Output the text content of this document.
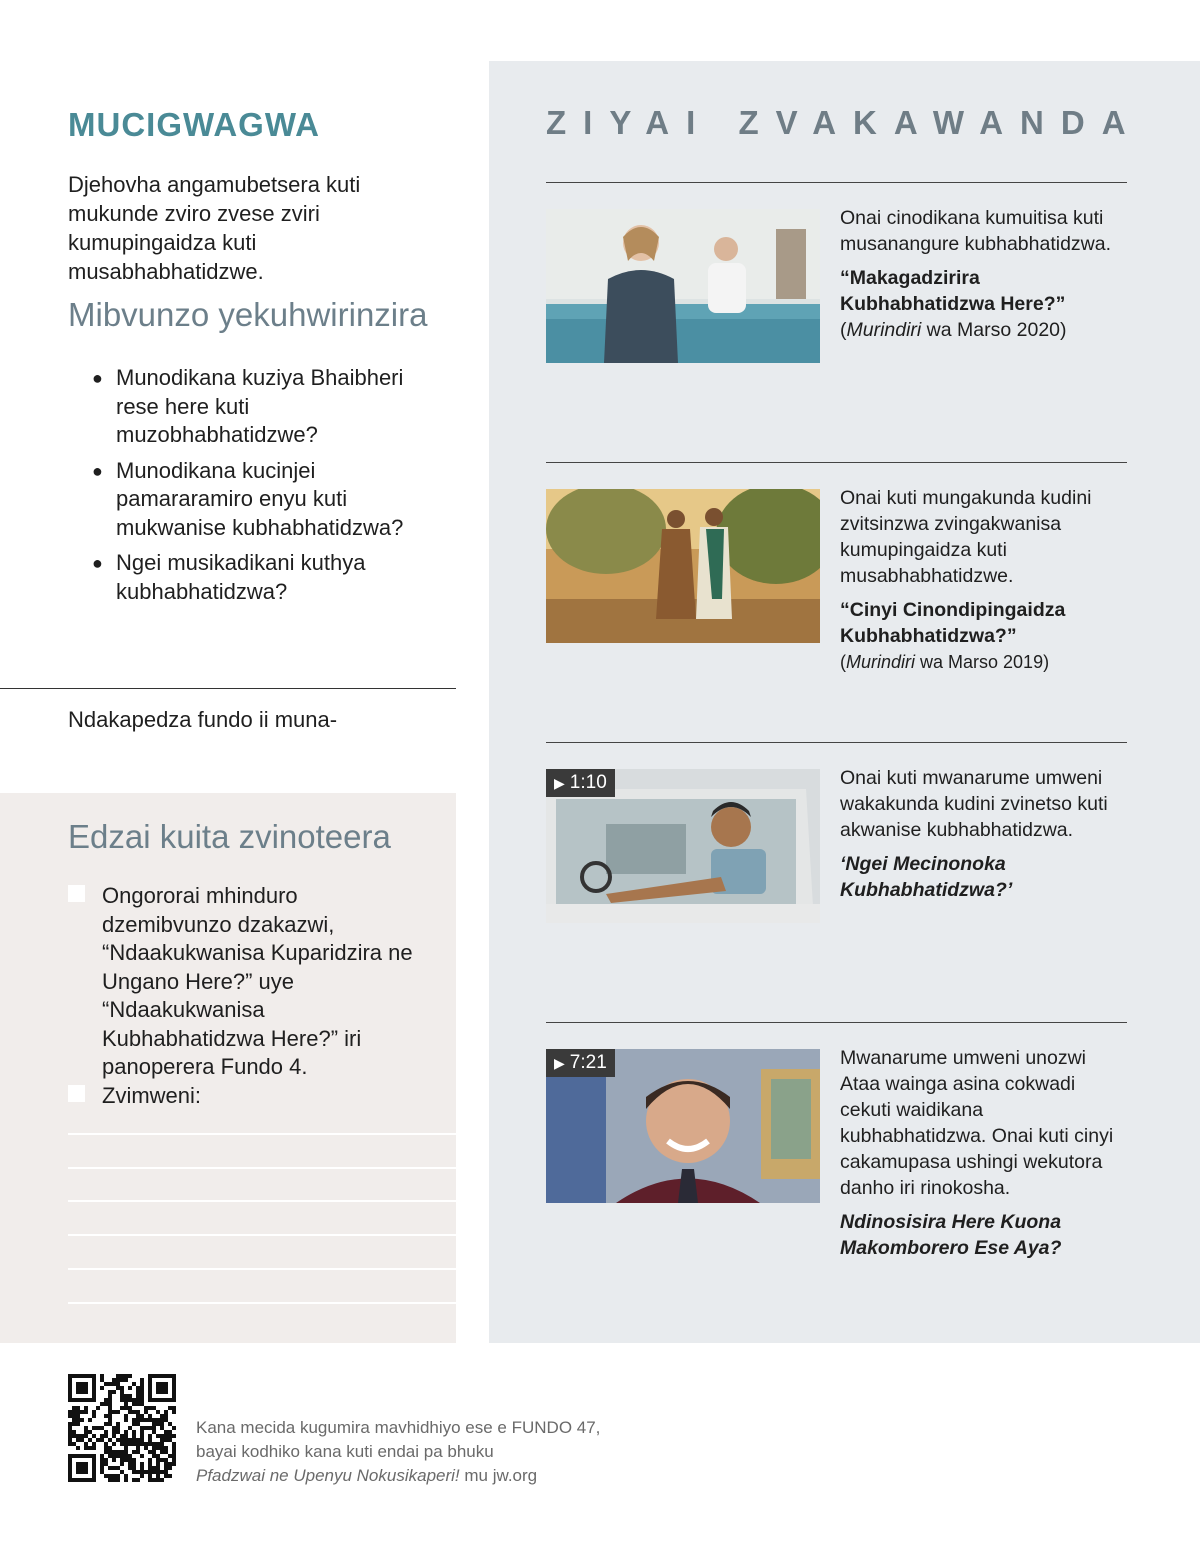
MUCIGWAGWA

Djehovha angamubetsera kuti mukunde zviro zvese zviri kumupingaidza kuti musabhabhatidzwe.

Mibvunzo yekuhwirinzira
● Munodikana kuziya Bhaibheri rese here kuti muzobhabhatidzwe?
● Munodikana kucinjei pamararamiro enyu kuti mukwanise kubhabhatidzwa?
● Ngei musikadikani kuthya kubhabhatidzwa?

Ndakapedza fundo ii muna-

Edzai kuita zvinoteera
Ongororai mhinduro dzemibvunzo dzakazwi, “Ndaakukwanisa Kuparidzira ne Ungano Here?” uye “Ndaakukwanisa Kubhabhatidzwa Here?” iri panoperera Fundo 4.
Zvimweni:
ZIYAI ZVAKAWANDA

Onai cinodikana kumuitisa kuti musanangure kubhabhatidzwa.

“Makagadzirira Kubhabhatidzwa Here?” (Murindiri wa Marso 2020)

Onai kuti mungakunda kudini zvitsinzwa zvingakwanisa kumupingaidza kuti musabhabhatidzwe.

“Cinyi Cinondipingaidza Kubhabhatidzwa?”

(Murindiri wa Marso 2019)

▶ 1:10	Onai kuti mwanarume umweni wakakunda kudini zvinetso kuti akwanise kubhabhatidzwa.

‘Ngei Mecinonoka Kubhabhatidzwa?’

▶ 7:21	Mwanarume umweni unozwi Ataa wainga asina cokwadi cekuti waidikana kubhabhatidzwa. Onai kuti cinyi cakamupasa ushingi wekutora danho iri rinokosha.

Ndinosisira Here Kuona Makomborero Ese Aya?

Kana mecida kugumira mavhidhiyo ese e FUNDO 47,
bayai kodhiko kana kuti endai pa bhuku
Pfadzwai ne Upenyu Nokusikaperi! mu jw.org
